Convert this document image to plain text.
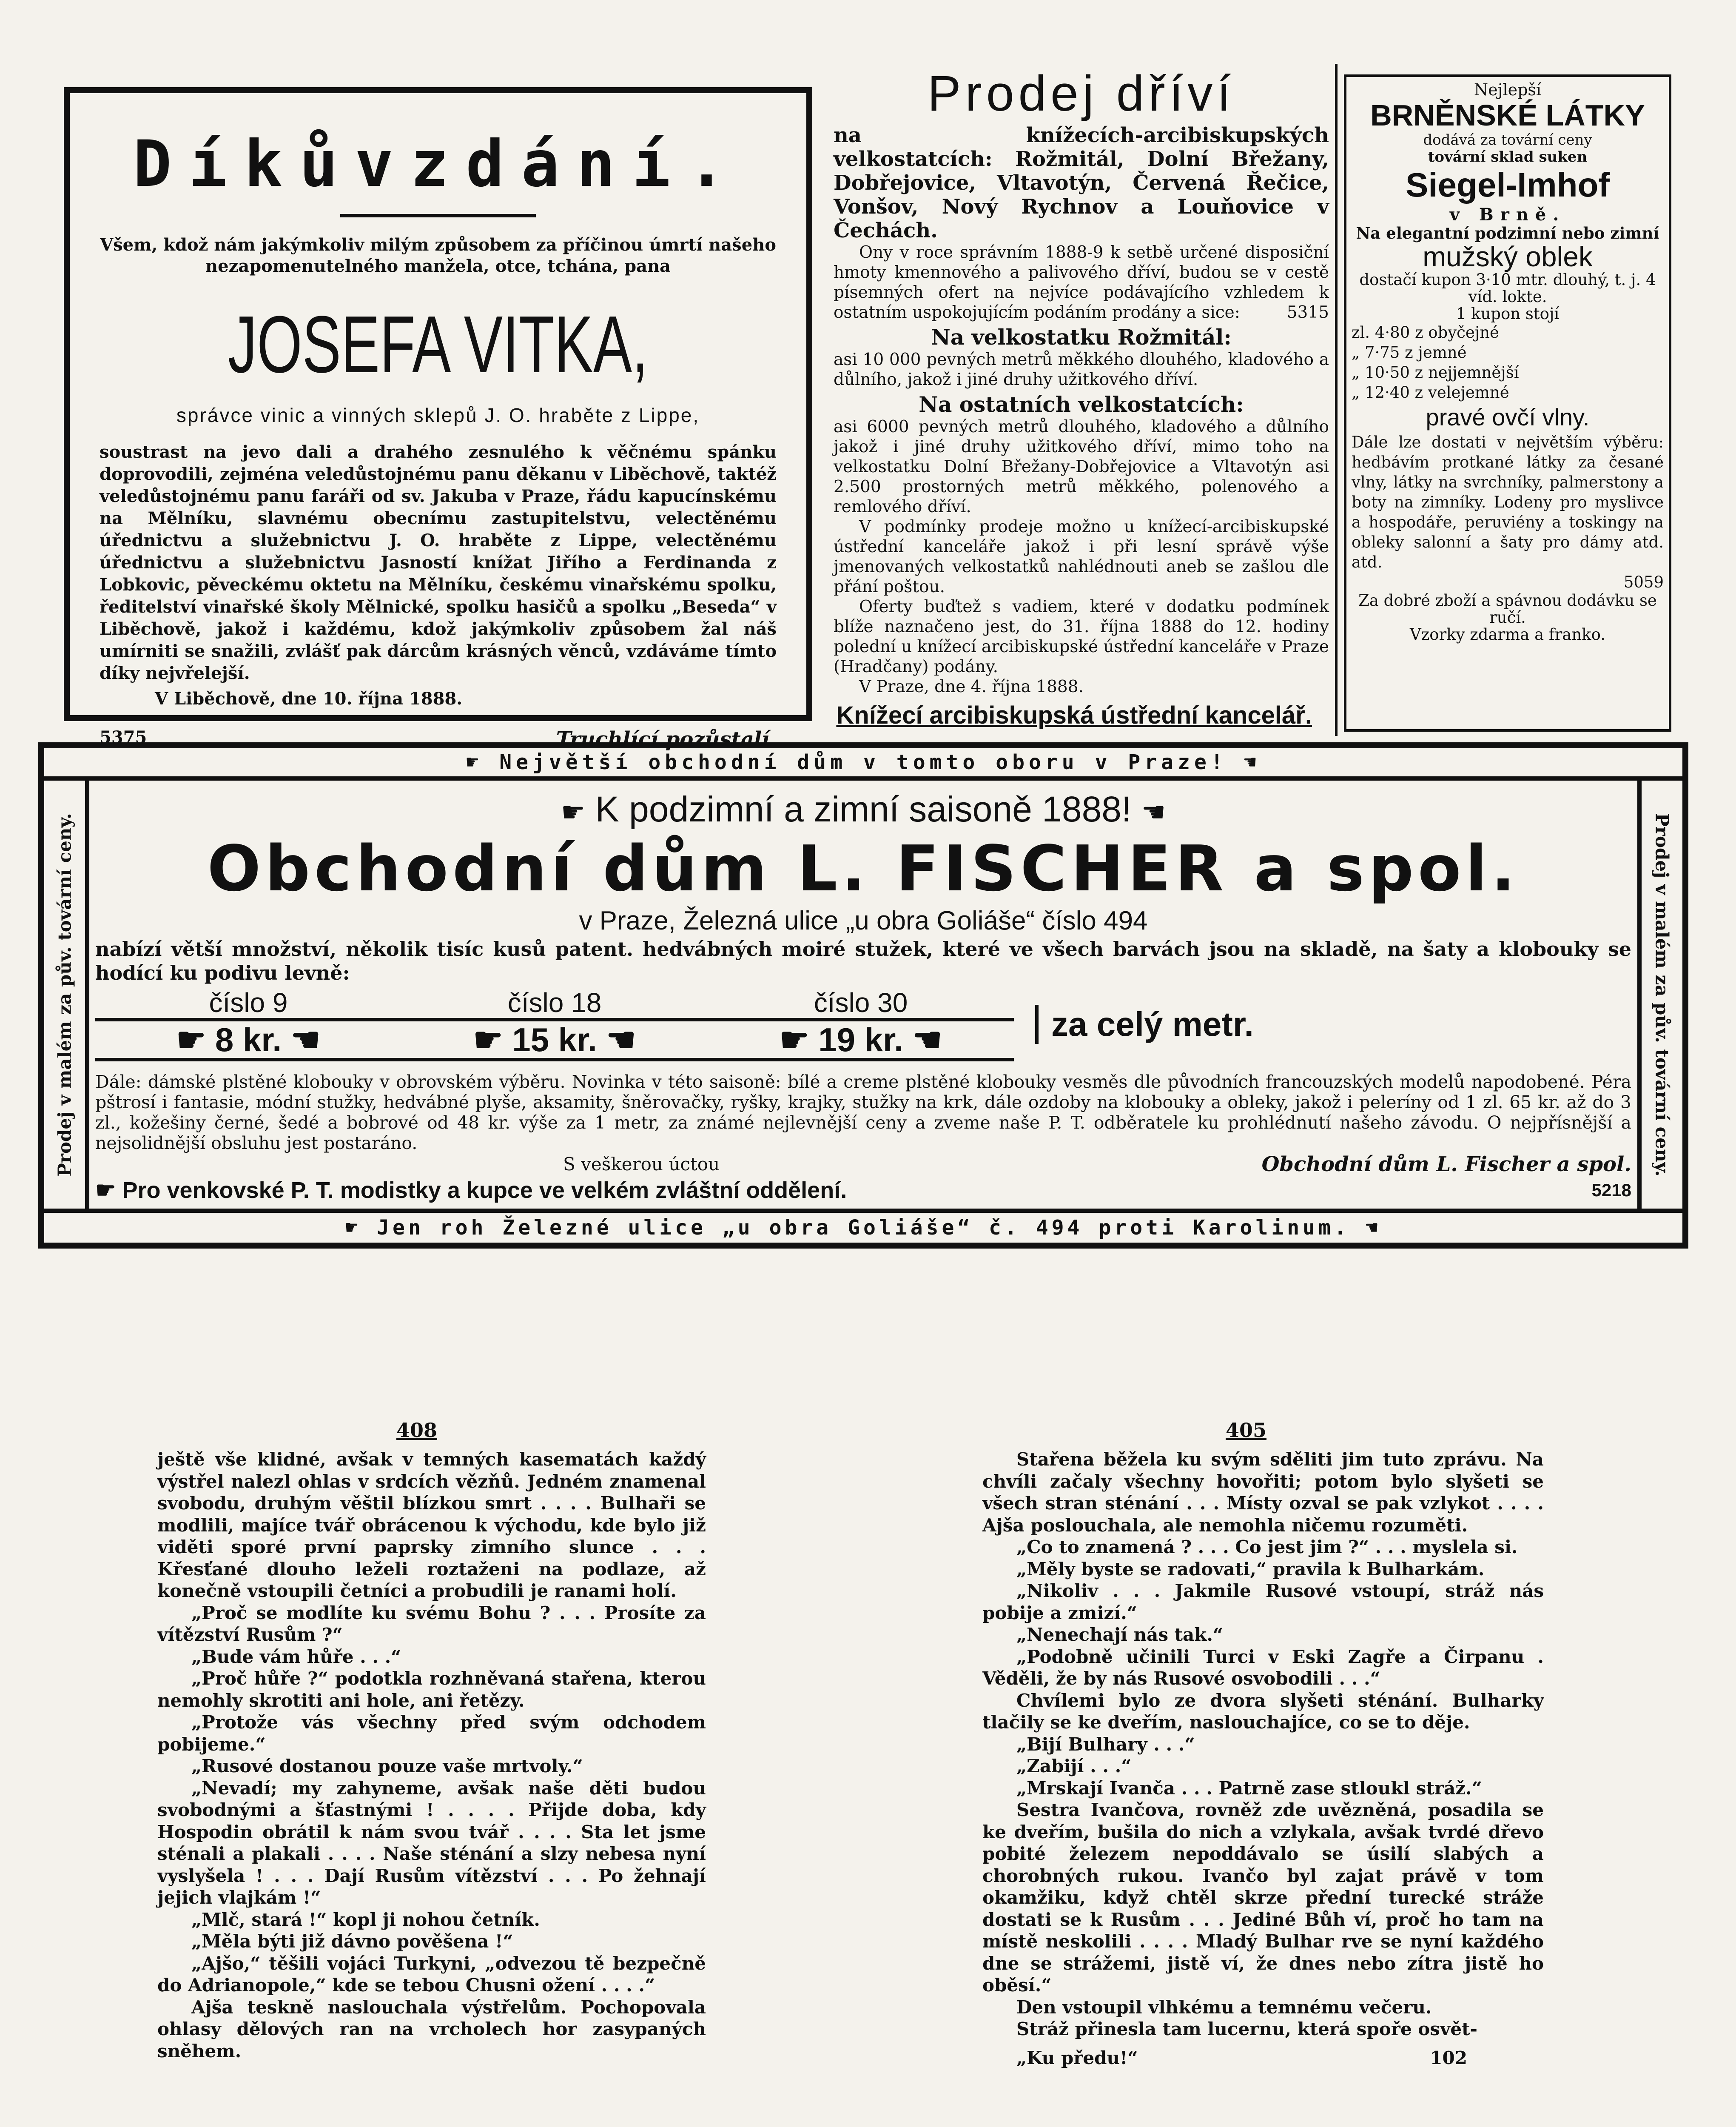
Díkůvzdání.
Všem, kdož nám jakýmkoliv milým způsobem za příčinou úmrtí našeho nezapomenutelného manžela, otce, tchána, pana
JOSEFA VITKA,
správce vinic a vinných sklepů J. O. hraběte z Lippe,
soustrast na jevo dali a drahého zesnulého k věčnému spánku doprovodili, zejména veledůstojnému panu děkanu v Liběchově, taktéž veledůstojnému panu faráři od sv. Jakuba v Praze, řádu kapucínskému na Mělníku, slavnému obecnímu zastupitelstvu, velectěnému úřednictvu a služebnictvu J. O. hraběte z Lippe, velectěnému úřednictvu a služebnictvu Jasností knížat Jiřího a Ferdinanda z Lobkovic, pěveckému oktetu na Mělníku, českému vinařskému spolku, ředitelství vinařské školy Mělnické, spolku hasičů a spolku „Beseda“ v Liběchově, jakož i každému, kdož jakýmkoliv způsobem žal náš umírniti se snažili, zvlášť pak dárcům krásných věnců, vzdáváme tímto díky nejvřelejší.
V Liběchově, dne 10. října 1888.
5375	Truchlící pozůstalí.
Prodej dříví
na knížecích-arcibiskupských velkostatcích: Rožmitál, Dolní Břežany, Dobřejovice, Vltavotýn, Červená Řečice, Vonšov, Nový Rychnov a Louňovice v Čechách.

Ony v roce správním 1888-9 k setbě určené disposiční hmoty kmennového a palivového dříví, budou se v cestě písemných ofert na nejvíce podávajícího vzhledem k ostatním uspokojujícím podáním prodány a sice:	5315

Na velkostatku Rožmitál:

asi 10 000 pevných metrů měkkého dlouhého, kladového a důlního, jakož i jiné druhy užitkového dříví.

Na ostatních velkostatcích:

asi 6000 pevných metrů dlouhého, kladového a důlního jakož i jiné druhy užitkového dříví, mimo toho na velkostatku Dolní Břežany-Dobřejovice a Vltavotýn asi 2.500 prostorných metrů měkkého, polenového a remlového dříví.

V podmínky prodeje možno u knížecí-arcibiskupské ústřední kanceláře jakož i při lesní správě výše jmenovaných velkostatků nahlédnouti aneb se zašlou dle přání poštou.

Oferty buďtež s vadiem, které v dodatku podmínek blíže naznačeno jest, do 31. října 1888 do 12. hodiny polední u knížecí arcibiskupské ústřední kanceláře v Praze (Hradčany) podány.

V Praze, dne 4. října 1888.

Knížecí arcibiskupská ústřední kancelář.
Nejlepší
BRNĚNSKÉ LÁTKY
dodává za tovární ceny
tovární sklad suken
Siegel-Imhof
v Brně.
Na elegantní podzimní nebo zimní
mužský oblek
dostačí kupon 3·10 mtr. dlouhý, t. j. 4 víd. lokte.
1 kupon stojí
zl. 4·80 z obyčejné
„ 7·75 z jemné
„ 10·50 z nejjemnější
„ 12·40 z velejemné
pravé ovčí vlny.
Dále lze dostati v největším výběru: hedbávím protkané látky za česané vlny, látky na svrchníky, palmerstony a boty na zimníky. Lodeny pro myslivce a hospodáře, peruviény a toskingy na obleky salonní a šaty pro dámy atd. atd.
5059
Za dobré zboží a spávnou dodávku se ručí.
Vzorky zdarma a franko.
☛ Největší obchodní dům v tomto oboru v Praze! ☚
Prodej v malém za pův. tovární ceny.	Prodej v malém za pův. tovární ceny.
☛ K podzimní a zimní saisoně 1888! ☚
Obchodní dům L. FISCHER a spol.
v Praze, Železná ulice „u obra Goliáše“ číslo 494
nabízí větší množství, několik tisíc kusů patent. hedvábných moiré stužek, které ve všech barvách jsou na skladě, na šaty a klobouky se hodící ku podivu levně:
číslo 9
☛ 8 kr. ☚
číslo 18
☛ 15 kr. ☚
číslo 30
☛ 19 kr. ☚	za celý metr.
Dále: dámské plstěné klobouky v obrovském výběru. Novinka v této saisoně: bílé a creme plstěné klobouky vesměs dle původních francouzských modelů napodobené. Péra pštrosí i fantasie, módní stužky, hedvábné plyše, aksamity, šněrovačky, ryšky, krajky, stužky na krk, dále ozdoby na klobouky a obleky, jakož i peleríny od 1 zl. 65 kr. až do 3 zl., kožešiny černé, šedé a bobrové od 48 kr. výše za 1 metr, za známé nejlevnější ceny a zveme naše P. T. odběratele ku prohlédnutí našeho závodu. O nejpřísnější a nejsolidnější obsluhu jest postaráno.
S veškerou úctou	Obchodní dům L. Fischer a spol.
☛ Pro venkovské P. T. modistky a kupce ve velkém zvláštní oddělení.	5218
☛ Jen roh Železné ulice „u obra Goliáše“ č. 494 proti Karolinum. ☚
408	405

ještě vše klidné, avšak v temných kasematách každý výstřel nalezl ohlas v srdcích vězňů. Jedném znamenal svobodu, druhým věštil blízkou smrt . . . . Bulhaři se modlili, majíce tvář obrácenou k východu, kde bylo již viděti sporé první paprsky zimního slunce . . . Křesťané dlouho leželi roztaženi na podlaze, až konečně vstoupili četníci a probudili je ranami holí.

„Proč se modlíte ku svému Bohu ? . . . Prosíte za vítězství Rusům ?“

„Bude vám hůře . . .“

„Proč hůře ?“ podotkla rozhněvaná stařena, kterou nemohly skrotiti ani hole, ani řetězy.

„Protože vás všechny před svým odchodem pobijeme.“

„Rusové dostanou pouze vaše mrtvoly.“

„Nevadí; my zahyneme, avšak naše děti budou svobodnými a šťastnými ! . . . . Přijde doba, kdy Hospodin obrátil k nám svou tvář . . . . Sta let jsme sténali a plakali . . . . Naše sténání a slzy nebesa nyní vyslyšela ! . . . Dají Rusům vítězství . . . Po žehnají jejich vlajkám !“

„Mlč, stará !“ kopl ji nohou četník.

„Měla býti již dávno pověšena !“

„Ajšo,“ těšili vojáci Turkyni, „odvezou tě bezpečně do Adrianopole,“ kde se tebou Chusni ožení . . . .“

Ajša teskně naslouchala výstřelům. Pochopovala ohlasy dělových ran na vrcholech hor zasypaných sněhem.

Stařena běžela ku svým sděliti jim tuto zprávu. Na chvíli začaly všechny hovořiti; potom bylo slyšeti se všech stran sténání . . . Místy ozval se pak vzlykot . . . . Ajša poslouchala, ale nemohla ničemu rozuměti.

„Co to znamená ? . . . Co jest jim ?“ . . . myslela si.

„Měly byste se radovati,“ pravila k Bulharkám.

„Nikoliv . . . Jakmile Rusové vstoupí, stráž nás pobije a zmizí.“

„Nenechají nás tak.“

„Podobně učinili Turci v Eski Zagře a Čirpanu . Věděli, že by nás Rusové osvobodili . . .“

Chvílemi bylo ze dvora slyšeti sténání. Bulharky tlačily se ke dveřím, naslouchajíce, co se to děje.

„Bijí Bulhary . . .“

„Zabijí . . .“

„Mrskají Ivanča . . . Patrně zase stloukl stráž.“

Sestra Ivančova, rovněž zde uvězněná, posadila se ke dveřím, bušila do nich a vzlykala, avšak tvrdé dřevo pobité železem nepoddávalo se úsilí slabých a chorobných rukou. Ivančo byl zajat právě v tom okamžiku, když chtěl skrze přední turecké stráže dostati se k Rusům . . . Jediné Bůh ví, proč ho tam na místě neskolili . . . . Mladý Bulhar rve se nyní každého dne se strážemi, jistě ví, že dnes nebo zítra jistě ho oběsí.“

Den vstoupil vlhkému a temnému večeru.

Stráž přinesla tam lucernu, která spoře osvět-

„Ku předu!“	102
